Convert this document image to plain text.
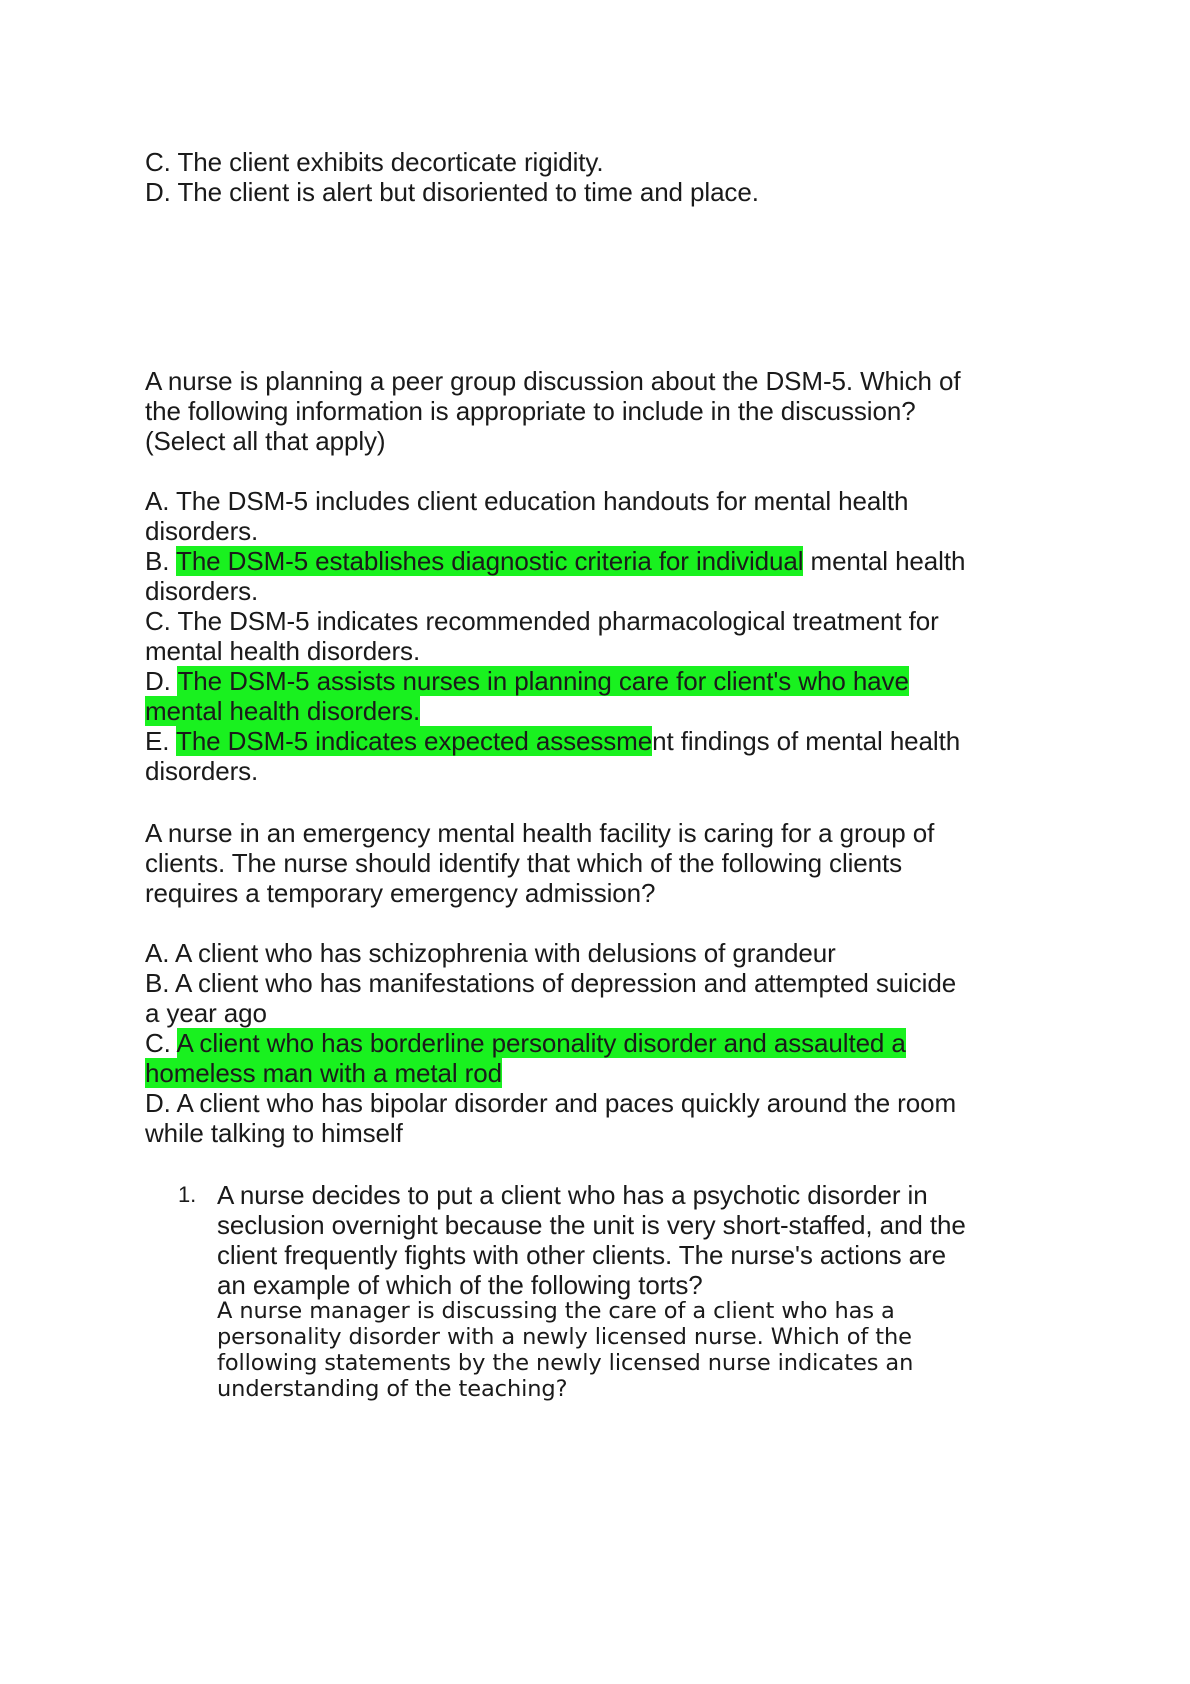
C. The client exhibits decorticate rigidity.
D. The client is alert but disoriented to time and place.
A nurse is planning a peer group discussion about the DSM-5. Which of
the following information is appropriate to include in the discussion?
(Select all that apply)
A. The DSM-5 includes client education handouts for mental health
disorders.
B. The DSM-5 establishes diagnostic criteria for individual mental health
disorders.
C. The DSM-5 indicates recommended pharmacological treatment for
mental health disorders.
D. The DSM-5 assists nurses in planning care for client's who have
mental health disorders.
E. The DSM-5 indicates expected assessment findings of mental health
disorders.
A nurse in an emergency mental health facility is caring for a group of
clients. The nurse should identify that which of the following clients
requires a temporary emergency admission?
A. A client who has schizophrenia with delusions of grandeur
B. A client who has manifestations of depression and attempted suicide
a year ago
C. A client who has borderline personality disorder and assaulted a
homeless man with a metal rod
D. A client who has bipolar disorder and paces quickly around the room
while talking to himself
1. A nurse decides to put a client who has a psychotic disorder in
seclusion overnight because the unit is very short-staffed, and the
client frequently fights with other clients. The nurse's actions are
an example of which of the following torts?
A nurse manager is discussing the care of a client who has a
personality disorder with a newly licensed nurse. Which of the
following statements by the newly licensed nurse indicates an
understanding of the teaching?
